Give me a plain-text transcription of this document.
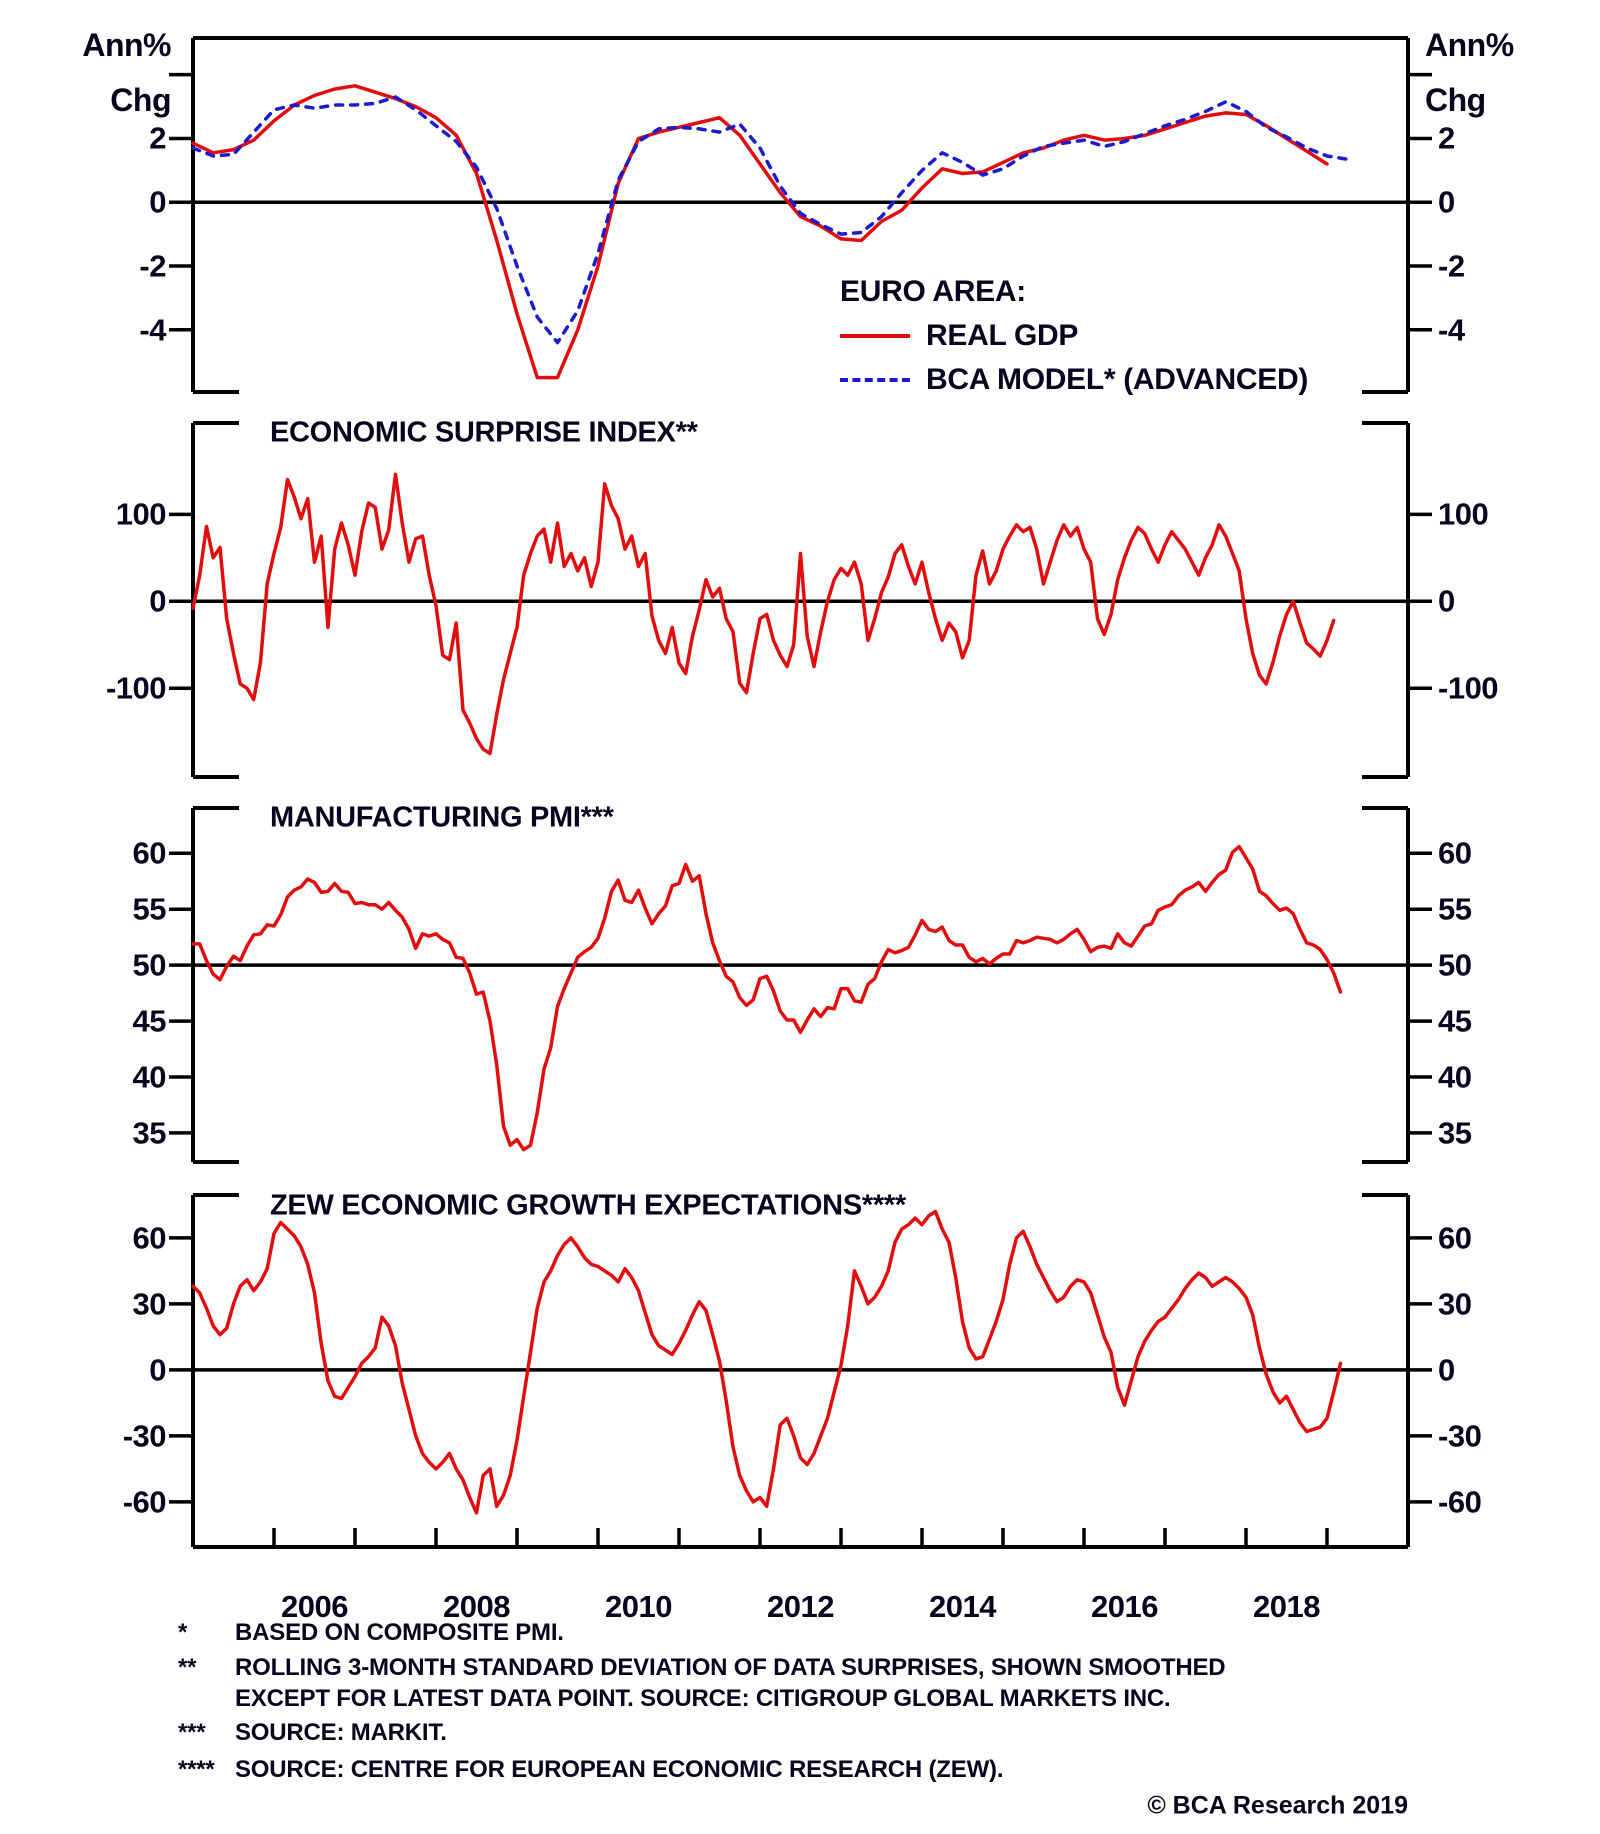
Ann%
Chg
Ann%
Chg
EURO AREA:
REAL GDP
BCA MODEL* (ADVANCED)
ECONOMIC SURPRISE INDEX**
MANUFACTURING PMI***
ZEW ECONOMIC GROWTH EXPECTATIONS****
* BASED ON COMPOSITE PMI.
** ROLLING 3-MONTH STANDARD DEVIATION OF DATA SURPRISES, SHOWN SMOOTHED
EXCEPT FOR LATEST DATA POINT. SOURCE: CITIGROUP GLOBAL MARKETS INC.
*** SOURCE: MARKIT.
**** SOURCE: CENTRE FOR EUROPEAN ECONOMIC RESEARCH (ZEW).
© BCA Research 2019
2	2
0	0
-2	-2
-4	-4
100	100
0	0
-100	-100
60	60
55	55
50	50
45	45
40	40
35	35
60	60
30	30
0	0
-30	-30
-60	-60
2006	2008	2010	2012	2014	2016	2018
